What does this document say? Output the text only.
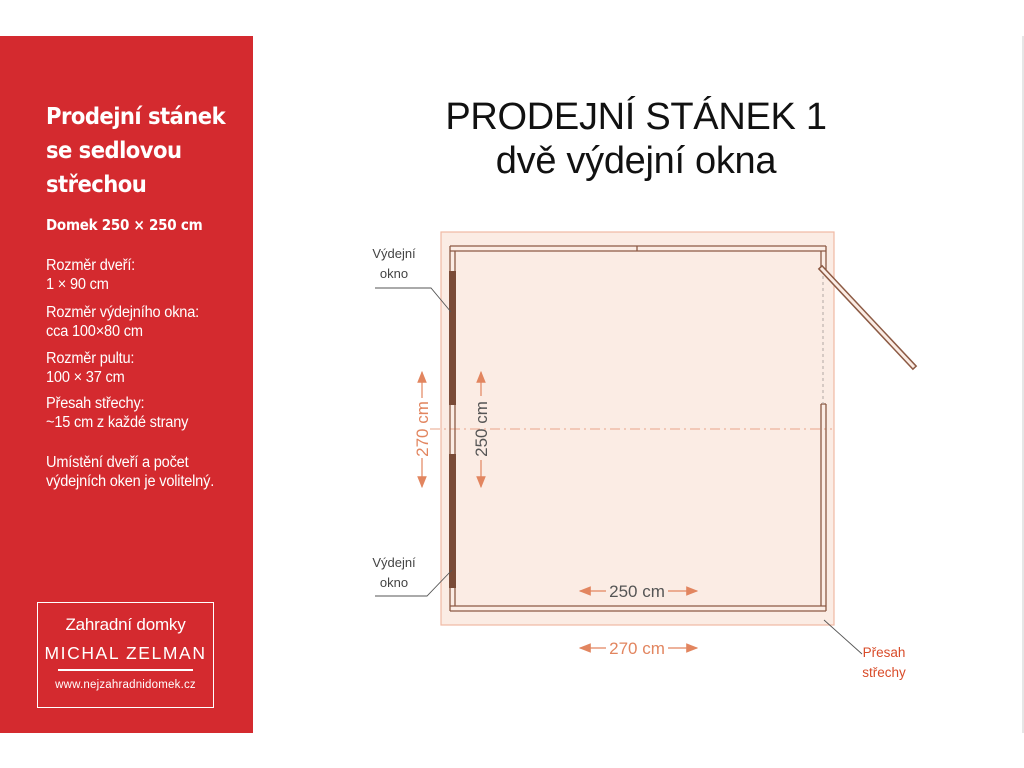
Prodejní stánek
se sedlovou
střechou
Domek 250 × 250 cm
Rozměr dveří:
1 × 90 cm
Rozměr výdejního okna:
cca 100×80 cm
Rozměr pultu:
100 × 37 cm
Přesah střechy:
~15 cm z každé strany
Umístění dveří a počet
výdejních oken je volitelný.
Zahradní domky
MICHAL ZELMAN
www.nejzahradnidomek.cz
PRODEJNÍ STÁNEK 1
dvě výdejní okna
Výdejní
okno
Výdejní
okno
Přesah
střechy
270 cm 250 cm
250 cm
270 cm
